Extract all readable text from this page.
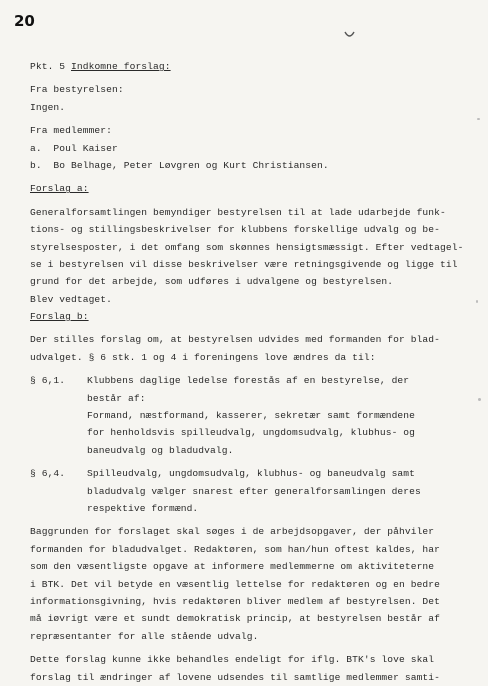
20
Pkt. 5 Indkomne forslag:
Fra bestyrelsen:
Ingen.
Fra medlemmer:
a.  Poul Kaiser
b.  Bo Belhage, Peter Løvgren og Kurt Christiansen.
Forslag a:
Generalforsamtlingen bemyndiger bestyrelsen til at lade udarbejde funk-
tions- og stillingsbeskrivelser for klubbens forskellige udvalg og be-
styrelsesposter, i det omfang som skønnes hensigtsmæssigt. Efter vedtagel-
se i bestyrelsen vil disse beskrivelser være retningsgivende og ligge til
grund for det arbejde, som udføres i udvalgene og bestyrelsen.
Blev vedtaget.
Forslag b:
Der stilles forslag om, at bestyrelsen udvides med formanden for blad-
udvalget. § 6 stk. 1 og 4 i foreningens love ændres da til:
§ 6,1. Klubbens daglige ledelse forestås af en bestyrelse, der
består af:
Formand, næstformand, kasserer, sekretær samt formændene
for henholdsvis spilleudvalg, ungdomsudvalg, klubhus- og
baneudvalg og bladudvalg.
§ 6,4. Spilleudvalg, ungdomsudvalg, klubhus- og baneudvalg samt
bladudvalg vælger snarest efter generalforsamlingen deres
respektive formænd.
Baggrunden for forslaget skal søges i de arbejdsopgaver, der påhviler
formanden for bladudvalget. Redaktøren, som han/hun oftest kaldes, har
som den væsentligste opgave at informere medlemmerne om aktiviteterne
i BTK. Det vil betyde en væsentlig lettelse for redaktøren og en bedre
informationsgivning, hvis redaktøren bliver medlem af bestyrelsen. Det
må iøvrigt være et sundt demokratisk princip, at bestyrelsen består af
repræsentanter for alle stående udvalg.
Dette forslag kunne ikke behandles endeligt for iflg. BTK's love skal
forslag til ændringer af lovene udsendes til samtlige medlemmer samti-
